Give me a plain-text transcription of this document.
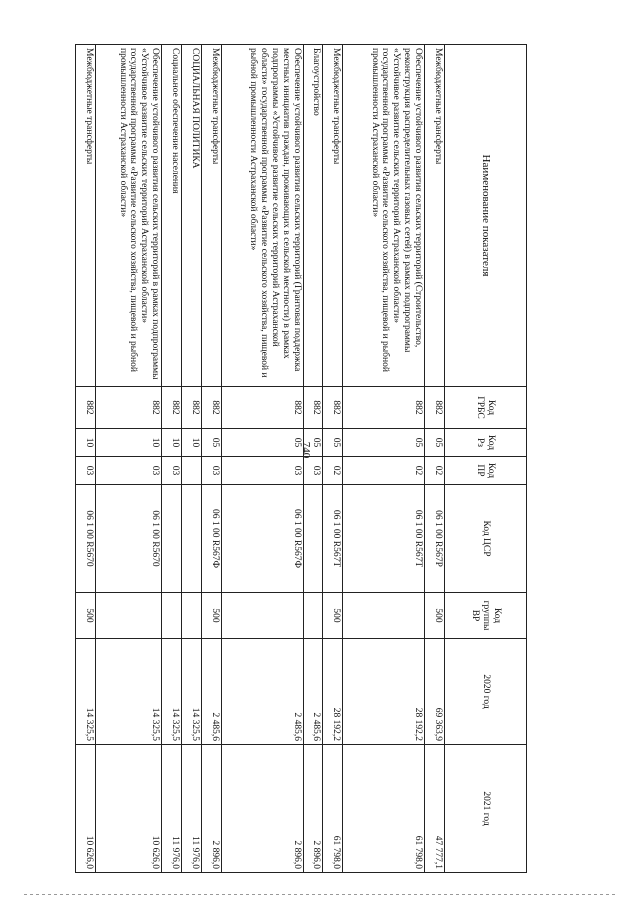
740
Наименование показателя	Код ГРБС	Код Рз	Код ПР	Код ЦСР	Код группы ВР	2020 год	2021 год
Межбюджетные трансферты	882	05	02	06 1 00 R567Р	500	69 363,9	47 777,1
Обеспечение устойчивого развития сельских территорий (Строительство, реконструкция распределительных газовых сетей) в рамках подпрограммы «Устойчивое развитие сельских территорий Астраханской области» государственной программы «Развитие сельского хозяйства, пищевой и рыбной промышленности Астраханской области»	882	05	02	06 1 00 R567Т		28 192,2	61 798,0
Межбюджетные трансферты	882	05	02	06 1 00 R567Т	500	28 192,2	61 798,0
Благоустройство	882	05	03			2 485,6	2 896,0
Обеспечение устойчивого развития сельских территорий (Грантовая поддержка местных инициатив граждан, проживающих в сельской местности) в рамках подпрограммы «Устойчивое развитие сельских территорий Астраханской области» государственной программы «Развитие сельского хозяйства, пищевой и рыбной промышленности Астраханской области»	882	05	03	06 1 00 R567Ф		2 485,6	2 896,0
Межбюджетные трансферты	882	05	03	06 1 00 R567Ф	500	2 485,6	2 896,0
СОЦИАЛЬНАЯ ПОЛИТИКА	882	10				14 325,5	11 976,0
Социальное обеспечение населения	882	10	03			14 325,5	11 976,0
Обеспечение устойчивого развития сельских территорий в рамках подпрограммы «Устойчивое развитие сельских территорий Астраханской области» государственной программы «Развитие сельского хозяйства, пищевой и рыбной промышленности Астраханской области»	882	10	03	06 1 00 R5670		14 325,5	10 626,0
Межбюджетные трансферты	882	10	03	06 1 00 R5670	500	14 325,5	10 626,0
